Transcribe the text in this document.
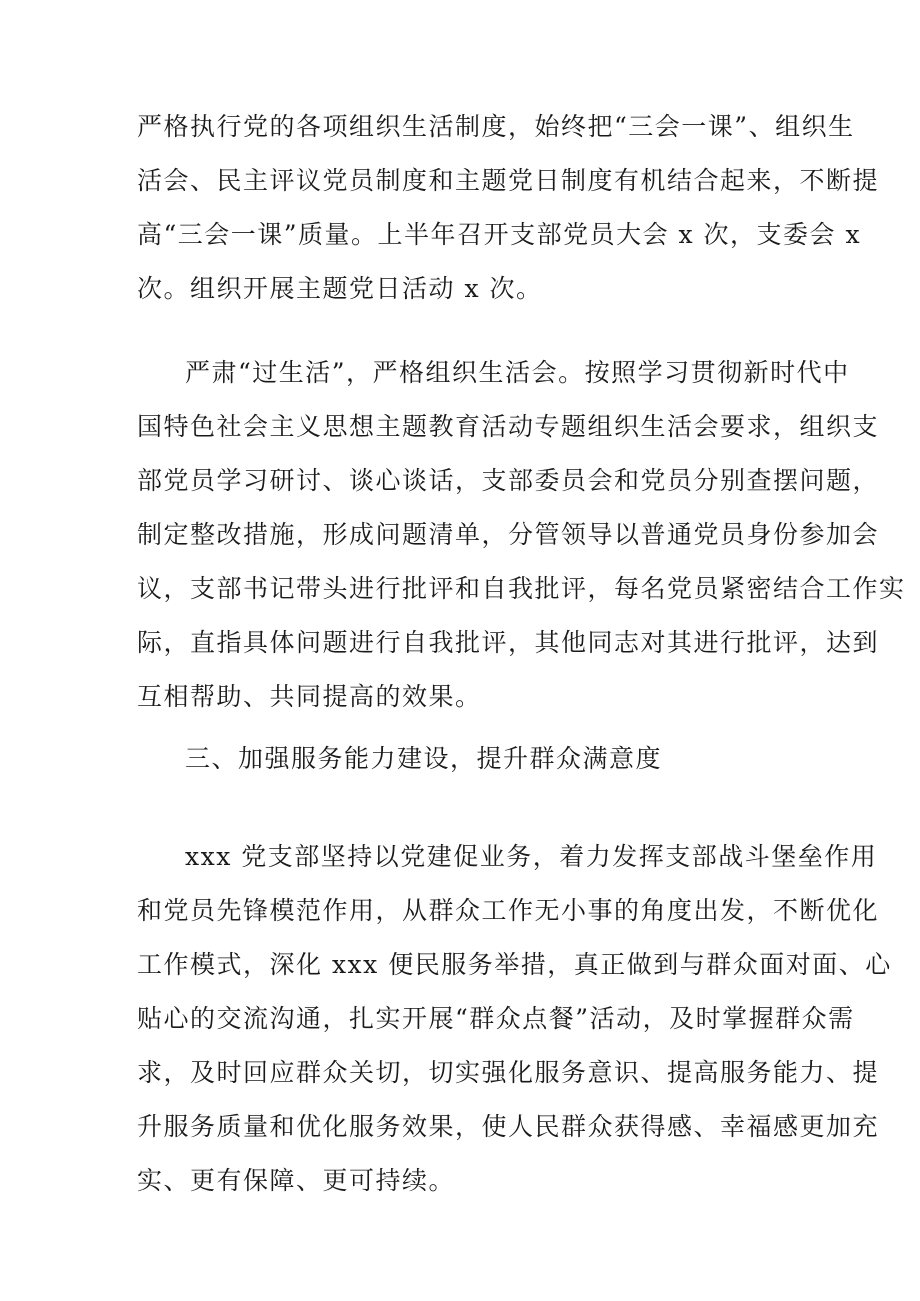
严格执行党的各项组织生活制度，始终把“三会一课”、组织生
活会、民主评议党员制度和主题党日制度有机结合起来，不断提
高“三会一课”质量。上半年召开支部党员大会 x 次，支委会 x
次。组织开展主题党日活动 x 次。
严肃“过生活”，严格组织生活会。按照学习贯彻新时代中
国特色社会主义思想主题教育活动专题组织生活会要求，组织支
部党员学习研讨、谈心谈话，支部委员会和党员分别查摆问题，
制定整改措施，形成问题清单，分管领导以普通党员身份参加会
议，支部书记带头进行批评和自我批评，每名党员紧密结合工作实
际，直指具体问题进行自我批评，其他同志对其进行批评，达到
互相帮助、共同提高的效果。
三、加强服务能力建设，提升群众满意度
xxx 党支部坚持以党建促业务，着力发挥支部战斗堡垒作用
和党员先锋模范作用，从群众工作无小事的角度出发，不断优化
工作模式，深化 xxx 便民服务举措，真正做到与群众面对面、心
贴心的交流沟通，扎实开展“群众点餐”活动，及时掌握群众需
求，及时回应群众关切，切实强化服务意识、提高服务能力、提
升服务质量和优化服务效果，使人民群众获得感、幸福感更加充
实、更有保障、更可持续。
